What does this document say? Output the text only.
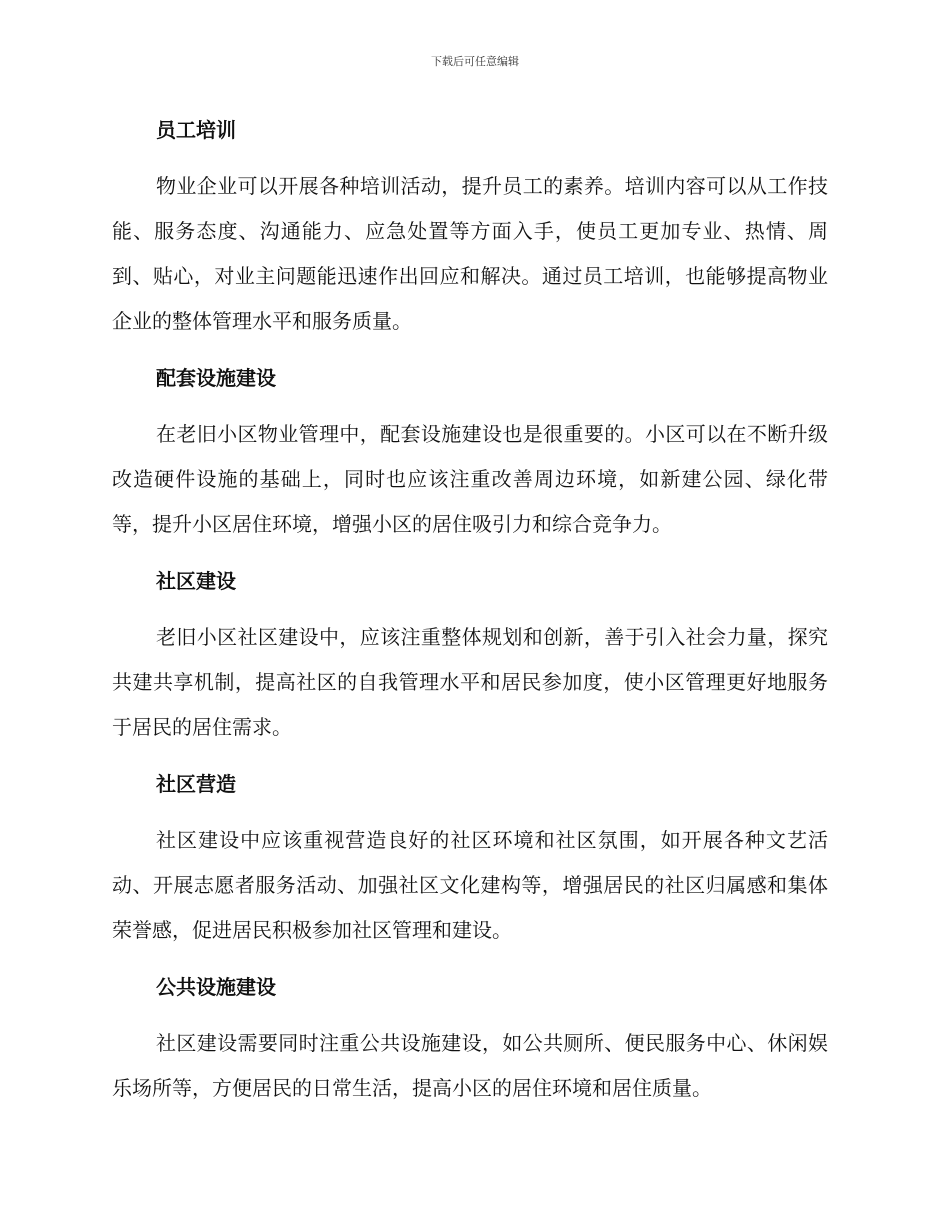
下载后可任意编辑
员工培训

物业企业可以开展各种培训活动，提升员工的素养。培训内容可以从工作技能、服务态度、沟通能力、应急处置等方面入手，使员工更加专业、热情、周到、贴心，对业主问题能迅速作出回应和解决。通过员工培训，也能够提高物业企业的整体管理水平和服务质量。

配套设施建设

在老旧小区物业管理中，配套设施建设也是很重要的。小区可以在不断升级改造硬件设施的基础上，同时也应该注重改善周边环境，如新建公园、绿化带等，提升小区居住环境，增强小区的居住吸引力和综合竞争力。

社区建设

老旧小区社区建设中，应该注重整体规划和创新，善于引入社会力量，探究共建共享机制，提高社区的自我管理水平和居民参加度，使小区管理更好地服务于居民的居住需求。

社区营造

社区建设中应该重视营造良好的社区环境和社区氛围，如开展各种文艺活动、开展志愿者服务活动、加强社区文化建构等，增强居民的社区归属感和集体荣誉感，促进居民积极参加社区管理和建设。

公共设施建设

社区建设需要同时注重公共设施建设，如公共厕所、便民服务中心、休闲娱乐场所等，方便居民的日常生活，提高小区的居住环境和居住质量。
